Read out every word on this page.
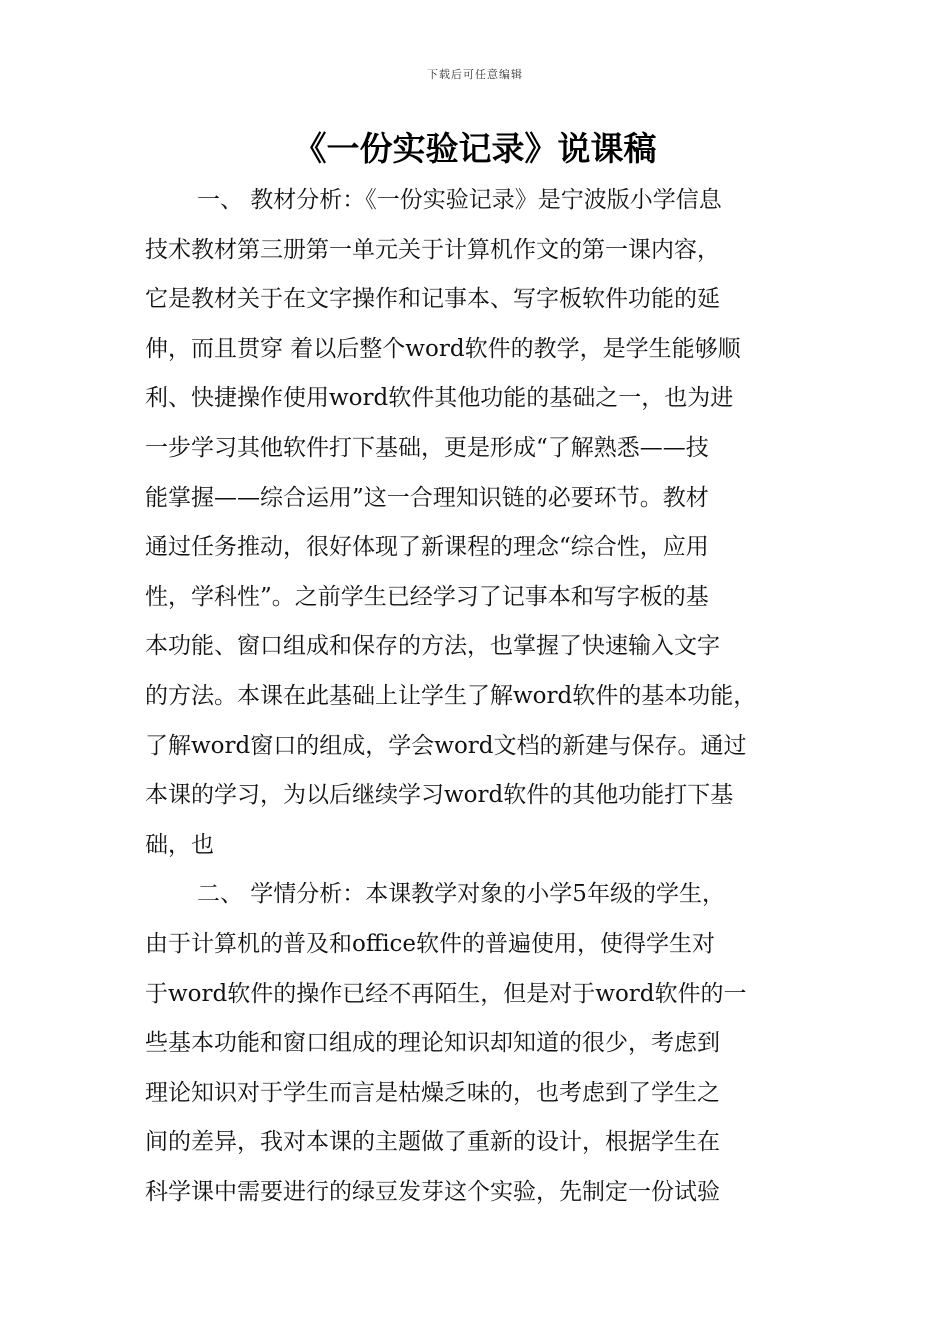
下载后可任意编辑
《一份实验记录》说课稿
一、 教材分析：《一份实验记录》是宁波版小学信息
技术教材第三册第一单元关于计算机作文的第一课内容，
它是教材关于在文字操作和记事本、写字板软件功能的延
伸，而且贯穿 着以后整个word软件的教学，是学生能够顺
利、快捷操作使用word软件其他功能的基础之一，也为进
一步学习其他软件打下基础，更是形成“了解熟悉——技
能掌握——综合运用”这一合理知识链的必要环节。教材
通过任务推动，很好体现了新课程的理念“综合性，应用
性，学科性”。之前学生已经学习了记事本和写字板的基
本功能、窗口组成和保存的方法，也掌握了快速输入文字
的方法。本课在此基础上让学生了解word软件的基本功能，
了解word窗口的组成，学会word文档的新建与保存。通过
本课的学习，为以后继续学习word软件的其他功能打下基
础，也
二、 学情分析：本课教学对象的小学5年级的学生，
由于计算机的普及和office软件的普遍使用，使得学生对
于word软件的操作已经不再陌生，但是对于word软件的一
些基本功能和窗口组成的理论知识却知道的很少，考虑到
理论知识对于学生而言是枯燥乏味的，也考虑到了学生之
间的差异，我对本课的主题做了重新的设计，根据学生在
科学课中需要进行的绿豆发芽这个实验，先制定一份试验
